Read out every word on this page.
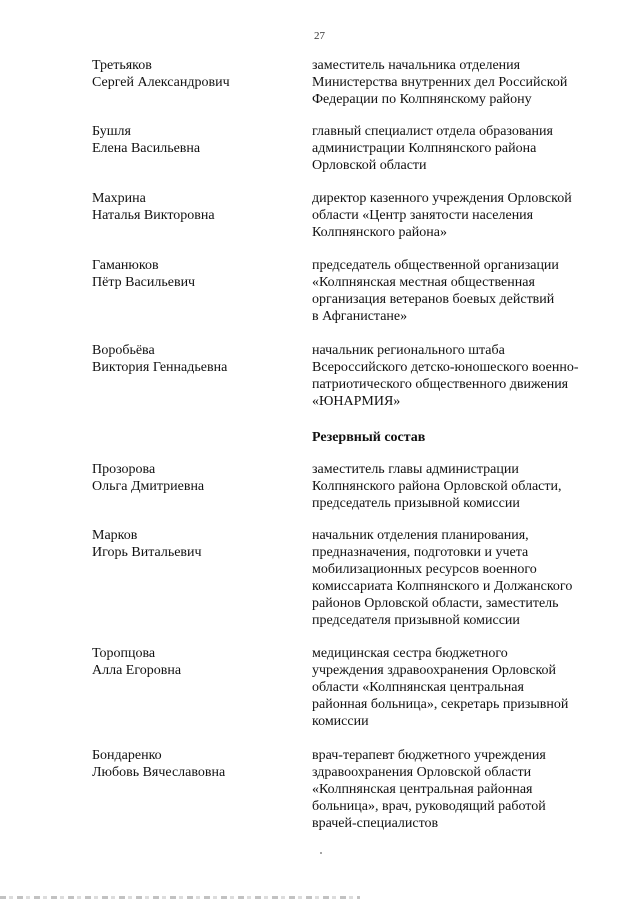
27
Третьяков
Сергей Александрович
заместитель начальника отделения
Министерства внутренних дел Российской
Федерации по Колпнянскому району
Бушля
Елена Васильевна
главный специалист отдела образования
администрации Колпнянского района
Орловской области
Махрина
Наталья Викторовна
директор казенного учреждения Орловской
области «Центр занятости населения
Колпнянского района»
Гаманюков
Пётр Васильевич
председатель общественной организации
«Колпнянская местная общественная
организация ветеранов боевых действий
в Афганистане»
Воробьёва
Виктория Геннадьевна
начальник регионального штаба
Всероссийского детско-юношеского военно-
патриотического общественного движения
«ЮНАРМИЯ»
Резервный состав
Прозорова
Ольга Дмитриевна
заместитель главы администрации
Колпнянского района Орловской области,
председатель призывной комиссии
Марков
Игорь Витальевич
начальник отделения планирования,
предназначения, подготовки и учета
мобилизационных ресурсов военного
комиссариата Колпнянского и Должанского
районов Орловской области, заместитель
председателя призывной комиссии
Торопцова
Алла Егоровна
медицинская сестра бюджетного
учреждения здравоохранения Орловской
области «Колпнянская центральная
районная больница», секретарь призывной
комиссии
Бондаренко
Любовь Вячеславовна
врач-терапевт бюджетного учреждения
здравоохранения Орловской области
«Колпнянская центральная районная
больница», врач, руководящий работой
врачей-специалистов
